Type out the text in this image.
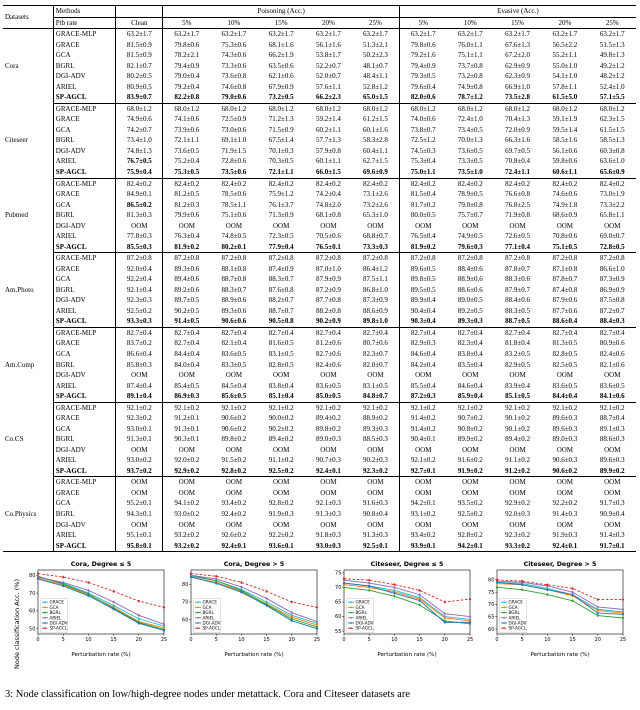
Datasets	Methods		Poisoning (Acc.)					Evasive (Acc.)				
	Ptb rate	Clean	5%	10%	15%	20%	25%	5%	10%	15%	20%	25%
Cora	GRACE-MLP	63.2±1.7	63.2±1.7	63.2±1.7	63.2±1.7	63.2±1.7	63.2±1.7	63.2±1.7	63.2±1.7	63.2±1.7	63.2±1.7	63.2±1.7
	GRACE	81.5±0.9	79.8±0.6	75.3±0.6	68.1±1.6	56.1±1.6	51.3±2.1	79.8±0.6	76.0±1.1	67.6±1.3	56.5±2.2	51.5±1.3
	GCA	81.5±0.9	78.2±2.1	74.3±0.6	66.2±1.9	53.8±1.7	50.2±2.3	79.2±1.6	75.1±1.1	67.2±2.0	55.2±1.1	49.8±1.3
	BGRL	82.1±0.7	79.4±0.9	73.3±0.6	63.5±0.6	52.2±0.7	48.1±0.7	79.4±0.9	73.7±0.8	62.9±0.9	55.0±1.0	49.2±1.2
	DGI-ADV	80.2±0.5	79.0±0.4	73.6±0.8	62.1±0.6	52.0±0.7	48.4±1.1	79.3±0.5	73.2±0.8	62.3±0.9	54.1±1.0	48.2±1.2
	ARIEL	80.9±0.5	79.2±0.4	74.6±0.8	67.9±0.9	57.6±1.1	52.8±1.2	79.6±0.4	74.9±0.8	66.9±1.0	57.8±1.1	52.4±1.0
	SP-AGCL	83.9±0.7	82.2±0.8	79.0±0.6	73.2±0.5	66.2±2.3	65.0±1.5	82.0±0.6	78.7±1.2	73.5±2.8	61.5±5.0	57.1±5.5
Citeseer	GRACE-MLP	68.0±1.2	68.0±1.2	68.0±1.2	68.0±1.2	68.0±1.2	68.0±1.2	68.0±1.2	68.0±1.2	68.0±1.2	68.0±1.2	68.0±1.2
	GRACE	74.9±0.6	74.1±0.6	72.5±0.9	71.2±1.3	59.2±1.4	61.2±1.5	74.0±0.6	72.4±1.0	70.4±1.3	59.1±1.9	62.3±1.5
	GCA	74.2±0.7	73.9±0.6	73.0±0.6	71.5±0.9	60.2±1.1	60.1±1.6	73.8±0.7	73.4±0.5	72.0±0.9	59.5±1.4	61.5±1.5
	BGRL	73.4±1.0	72.1±1.1	69.1±1.0	67.5±1.4	57.7±1.3	58.3±2.8	72.5±1.2	70.0±1.3	66.3±1.6	58.5±1.6	58.5±1.3
	DGI-ADV	74.8±1.3	73.6±0.5	71.9±1.5	70.1±0.3	57.9±0.8	60.4±1.1	74.5±0.3	73.6±0.5	69.7±0.5	56.1±0.6	60.3±0.8
	ARIEL	76.7±0.5	75.2±0.4	72.8±0.6	70.3±0.5	60.1±1.1	62.7±1.5	75.3±0.4	73.3±0.5	70.8±0.4	59.8±0.6	63.6±1.0
	SP-AGCL	75.9±0.4	75.3±0.5	73.5±0.6	72.1±1.1	66.0±1.5	69.6±0.9	75.0±1.1	73.5±1.0	72.4±1.1	60.6±1.1	65.6±0.9
Pubmed	GRACE-MLP	82.4±0.2	82.4±0.2	82.4±0.2	82.4±0.2	82.4±0.2	82.4±0.2	82.4±0.2	82.4±0.2	82.4±0.2	82.4±0.2	82.4±0.2
	GRACE	84.9±0.1	81.2±0.5	78.5±0.6	75.9±1.2	74.2±0.4	73.1±2.6	81.5±0.4	78.9±0.5	76.6±0.8	74.6±0.6	73.0±1.9
	GCA	86.5±0.2	81.2±0.3	78.5±1.1	76.1±3.7	74.8±2.0	73.2±2.6	81.7±0.2	79.0±0.8	76.8±2.5	74.9±1.8	73.3±2.2
	BGRL	81.3±0.3	79.9±0.6	75.1±0.6	71.3±0.9	68.1±0.8	65.3±1.0	80.0±0.5	75.7±0.7	71.9±0.8	68.6±0.9	65.8±1.1
	DGI-ADV	OOM	OOM	OOM	OOM	OOM	OOM	OOM	OOM	OOM	OOM	OOM
	ARIEL	77.8±0.3	76.3±0.4	74.8±0.5	72.3±0.5	70.5±0.6	68.8±0.7	76.5±0.4	74.9±0.5	72.6±0.5	70.8±0.6	69.0±0.7
	SP-AGCL	85.5±0.3	81.9±0.2	80.2±0.1	77.9±0.4	76.5±0.1	73.3±0.3	81.9±0.2	79.6±0.3	77.1±0.4	75.1±0.5	72.8±0.5
Am.Photo	GRACE-MLP	87.2±0.8	87.2±0.8	87.2±0.8	87.2±0.8	87.2±0.8	87.2±0.8	87.2±0.8	87.2±0.8	87.2±0.8	87.2±0.8	87.2±0.8
	GRACE	92.0±0.4	89.3±0.6	88.1±0.8	87.4±0.9	87.0±1.0	86.4±1.2	89.6±0.5	88.4±0.6	87.8±0.7	87.1±0.8	86.6±1.0
	GCA	92.2±0.4	89.4±0.6	88.7±0.8	88.3±0.7	87.9±0.9	87.5±1.1	89.8±0.5	88.9±0.6	88.3±0.6	87.8±0.7	87.3±0.9
	BGRL	92.1±0.4	89.2±0.6	88.3±0.7	87.6±0.8	87.2±0.9	86.8±1.0	89.5±0.5	88.6±0.6	87.9±0.7	87.4±0.8	86.9±0.9
	DGI-ADV	92.3±0.3	89.7±0.5	88.9±0.6	88.2±0.7	87.7±0.8	87.3±0.9	89.9±0.4	89.0±0.5	88.4±0.6	87.9±0.6	87.5±0.8
	ARIEL	92.5±0.2	90.2±0.5	89.3±0.6	88.7±0.7	88.2±0.8	88.6±0.9	90.4±0.4	89.2±0.5	88.3±0.5	87.7±0.6	87.2±0.7
	SP-AGCL	93.3±0.3	91.4±0.5	90.6±0.6	90.5±0.8	90.2±0.9	89.8±1.0	90.3±0.4	89.3±0.3	88.7±0.5	88.6±0.4	88.4±0.3
Am.Comp	GRACE-MLP	82.7±0.4	82.7±0.4	82.7±0.4	82.7±0.4	82.7±0.4	82.7±0.4	82.7±0.4	82.7±0.4	82.7±0.4	82.7±0.4	82.7±0.4
	GRACE	83.7±0.2	82.7±0.4	82.1±0.4	81.6±0.5	81.2±0.6	80.7±0.6	82.9±0.3	82.3±0.4	81.8±0.4	81.3±0.5	80.9±0.6
	GCA	86.6±0.4	84.4±0.4	83.6±0.5	83.1±0.5	82.7±0.6	82.3±0.7	84.6±0.4	83.8±0.4	83.2±0.5	82.8±0.5	82.4±0.6
	BGRL	85.8±0.3	84.0±0.4	83.3±0.5	82.8±0.5	82.4±0.6	82.0±0.7	84.2±0.4	83.5±0.4	82.9±0.5	82.5±0.5	82.1±0.6
	DGI-ADV	OOM	OOM	OOM	OOM	OOM	OOM	OOM	OOM	OOM	OOM	OOM
	ARIEL	87.4±0.4	85.4±0.5	84.5±0.4	83.8±0.4	83.6±0.5	83.1±0.5	85.5±0.4	84.6±0.4	83.9±0.4	83.6±0.5	83.6±0.5
	SP-AGCL	89.1±0.4	86.9±0.3	85.6±0.5	85.1±0.4	85.0±0.5	84.8±0.7	87.2±0.3	85.9±0.4	85.1±0.5	84.4±0.4	84.1±0.6
Co.CS	GRACE-MLP	92.1±0.2	92.1±0.2	92.1±0.2	92.1±0.2	92.1±0.2	92.1±0.2	92.1±0.2	92.1±0.2	92.1±0.2	92.1±0.2	92.1±0.2
	GRACE	92.3±0.2	91.2±0.1	90.6±0.2	90.0±0.2	89.4±0.2	88.9±0.2	91.4±0.2	90.7±0.2	90.1±0.2	89.6±0.3	88.7±0.4
	GCA	93.0±0.1	91.3±0.1	90.6±0.2	90.2±0.2	89.8±0.2	89.3±0.3	91.4±0.2	90.8±0.2	90.1±0.2	89.6±0.3	89.1±0.3
	BGRL	91.3±0.1	90.3±0.1	89.8±0.2	89.4±0.2	89.0±0.3	88.5±0.3	90.4±0.1	89.9±0.2	89.4±0.2	89.0±0.3	88.6±0.3
	DGI-ADV	OOM	OOM	OOM	OOM	OOM	OOM	OOM	OOM	OOM	OOM	OOM
	ARIEL	93.0±0.2	92.0±0.2	91.5±0.2	91.1±0.2	90.7±0.3	90.2±0.3	92.1±0.2	91.6±0.2	91.1±0.2	90.6±0.3	89.6±0.3
	SP-AGCL	93.7±0.2	92.9±0.2	92.8±0.2	92.5±0.2	92.4±0.1	92.3±0.2	92.7±0.1	91.9±0.2	91.2±0.2	90.6±0.2	89.9±0.2
Co.Physics	GRACE-MLP	OOM	OOM	OOM	OOM	OOM	OOM	OOM	OOM	OOM	OOM	OOM
	GRACE	OOM	OOM	OOM	OOM	OOM	OOM	OOM	OOM	OOM	OOM	OOM
	GCA	95.2±0.1	94.1±0.2	93.4±0.2	92.8±0.2	92.1±0.3	91.6±0.3	94.2±0.1	93.5±0.2	92.9±0.2	92.2±0.2	91.7±0.3
	BGRL	94.3±0.1	93.0±0.2	92.4±0.2	91.9±0.3	91.3±0.3	90.8±0.4	93.1±0.2	92.5±0.2	92.0±0.3	91.4±0.3	90.9±0.4
	DGI-ADV	OOM	OOM	OOM	OOM	OOM	OOM	OOM	OOM	OOM	OOM	OOM
	ARIEL	95.1±0.1	93.2±0.2	92.6±0.2	92.2±0.2	91.8±0.3	91.3±0.3	93.4±0.2	92.8±0.2	92.3±0.2	91.9±0.3	91.4±0.3
	SP-AGCL	95.8±0.1	93.2±0.2	92.4±0.1	93.6±0.1	93.0±0.3	92.5±0.1	93.9±0.1	94.2±0.1	93.3±0.2	92.4±0.1	91.7±0.1
Node classification Acc. (%)
Cora, Degree ≤ 5
50
60
70
80
0	5	10	15	20	25
Perturbation rate (%)
GRACE
GCA
BGRL
ARIEL
DGI-ADV
SP-AGCL
Cora, Degree > 5
60
70
80
0	5	10	15	20	25
Perturbation rate (%)
GRACE
GCA
BGRL
ARIEL
DGI-ADV
SP-AGCL
Citeseer, Degree ≤ 5
55
60
65
70
75
0	5	10	15	20	25
Perturbation rate (%)
GRACE
GCA
BGRL
ARIEL
DGI-ADV
SP-AGCL
Citeseer, Degree > 5
60
65
70
75
80
0	5	10	15	20	25
Perturbation rate (%)
GRACE
GCA
BGRL
ARIEL
DGI-ADV
SP-AGCL
3: Node classification on low/high-degree nodes under metattack. Cora and Citeseer datasets are
